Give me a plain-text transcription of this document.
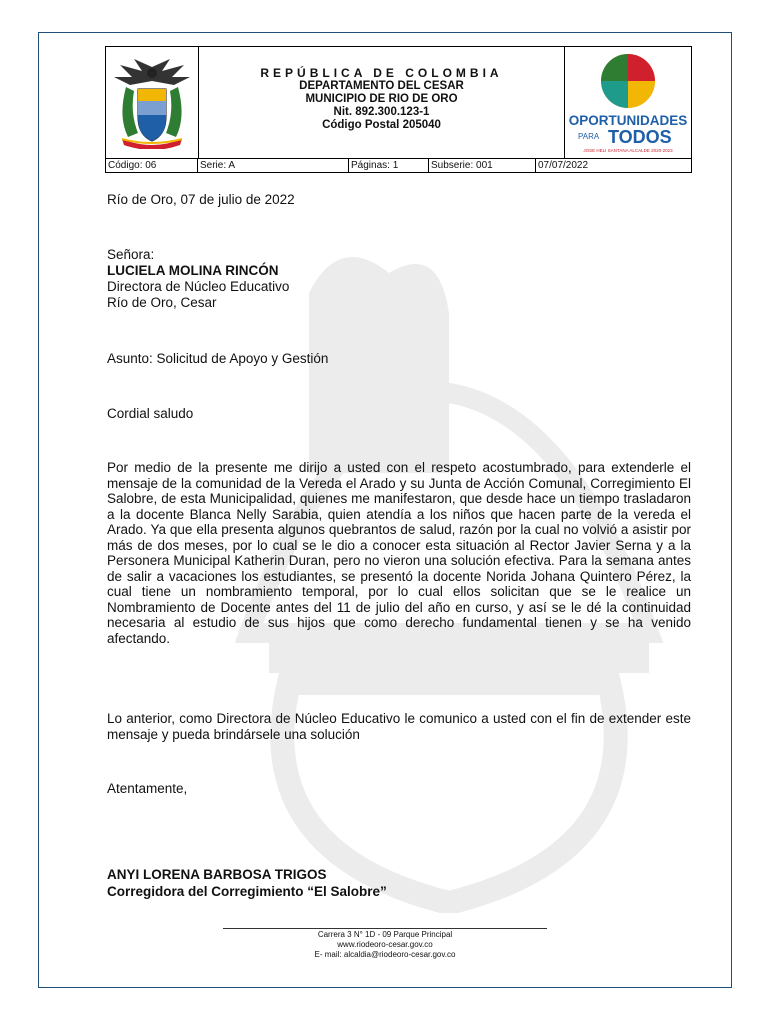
REPÚBLICA DE COLOMBIA
DEPARTAMENTO DEL CESAR
MUNICIPIO DE RIO DE ORO
Nit. 892.300.123-1
Código Postal 205040	OPORTUNIDADES
PARA TODOS
JOSE HELI SANTANA ALCALDE 2020-2023
Código: 06	Serie: A	Páginas: 1	Subserie: 001	07/07/2022
Río de Oro, 07 de julio de 2022
Señora:
LUCIELA MOLINA RINCÓN
Directora de Núcleo Educativo
Río de Oro, Cesar
Asunto: Solicitud de Apoyo y Gestión
Cordial saludo
Por medio de la presente me dirijo a usted con el respeto acostumbrado, para extenderle el mensaje de la comunidad de la Vereda el Arado y su Junta de Acción Comunal, Corregimiento El Salobre, de esta Municipalidad, quienes me manifestaron, que desde hace un tiempo trasladaron a la docente Blanca Nelly Sarabia, quien atendía a los niños que hacen parte de la vereda el Arado. Ya que ella presenta algunos quebrantos de salud, razón por la cual no volvió a asistir por más de dos meses, por lo cual se le dio a conocer esta situación al Rector Javier Serna y a la Personera Municipal Katherin Duran, pero no vieron una solución efectiva. Para la semana antes de salir a vacaciones los estudiantes, se presentó la docente Norida Johana Quintero Pérez, la cual tiene un nombramiento temporal, por lo cual ellos solicitan que se le realice un Nombramiento de Docente antes del 11 de julio del año en curso, y así se le dé la continuidad necesaria al estudio de sus hijos que como derecho fundamental tienen y se ha venido afectando.
Lo anterior, como Directora de Núcleo Educativo le comunico a usted con el fin de extender este mensaje y pueda brindársele una solución
Atentamente,
ANYI LORENA BARBOSA TRIGOS
Corregidora del Corregimiento “El Salobre”
Carrera 3 N° 1D - 09 Parque Principal
www.riodeoro-cesar.gov.co
E- mail: alcaldia@riodeoro-cesar.gov.co
